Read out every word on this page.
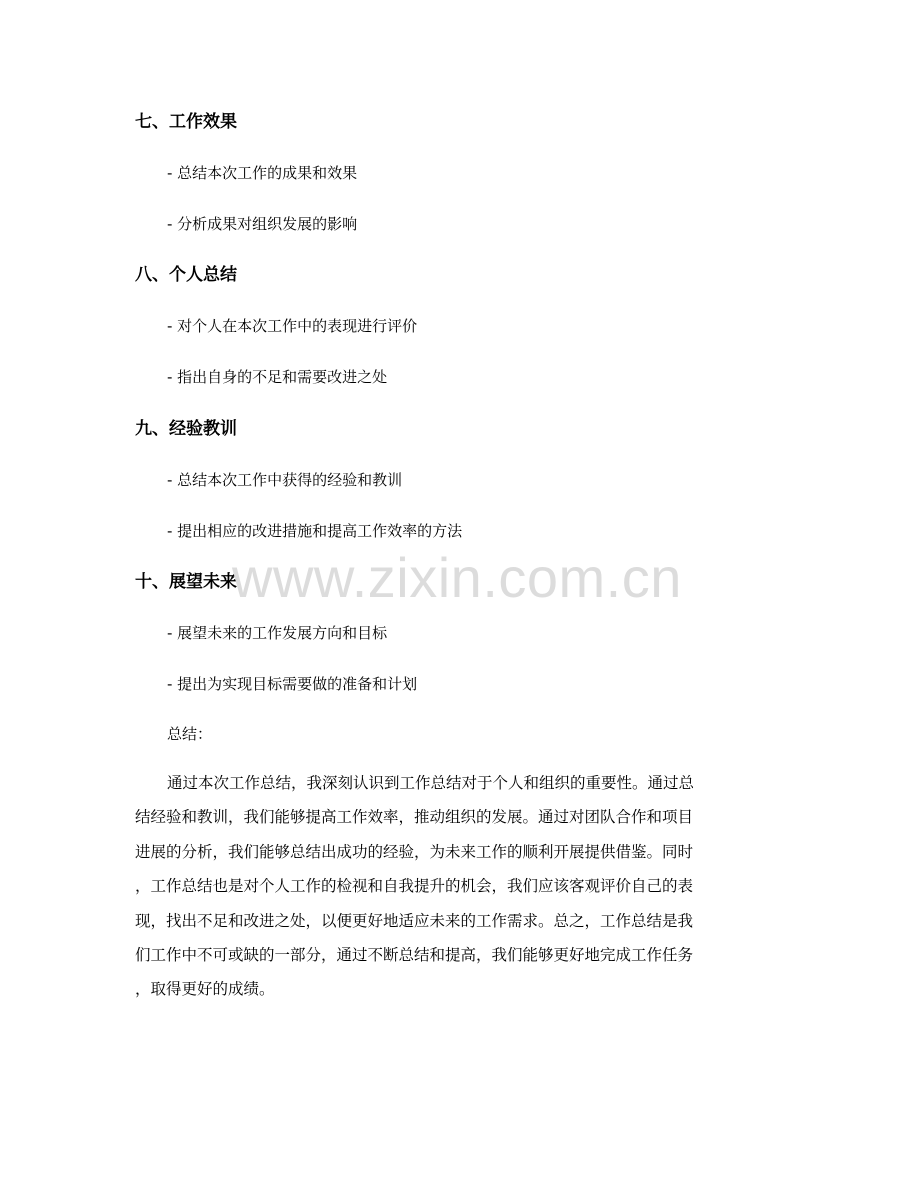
七、工作效果
- 总结本次工作的成果和效果
- 分析成果对组织发展的影响
八、个人总结
- 对个人在本次工作中的表现进行评价
- 指出自身的不足和需要改进之处
九、经验教训
- 总结本次工作中获得的经验和教训
- 提出相应的改进措施和提高工作效率的方法
十、展望未来
- 展望未来的工作发展方向和目标
- 提出为实现目标需要做的准备和计划
总结：

通过本次工作总结，我深刻认识到工作总结对于个人和组织的重要性。通过总
结经验和教训，我们能够提高工作效率，推动组织的发展。通过对团队合作和项目
进展的分析，我们能够总结出成功的经验，为未来工作的顺利开展提供借鉴。同时
，工作总结也是对个人工作的检视和自我提升的机会，我们应该客观评价自己的表
现，找出不足和改进之处，以便更好地适应未来的工作需求。总之，工作总结是我
们工作中不可或缺的一部分，通过不断总结和提高，我们能够更好地完成工作任务
，取得更好的成绩。

www.zixin.com.cn
